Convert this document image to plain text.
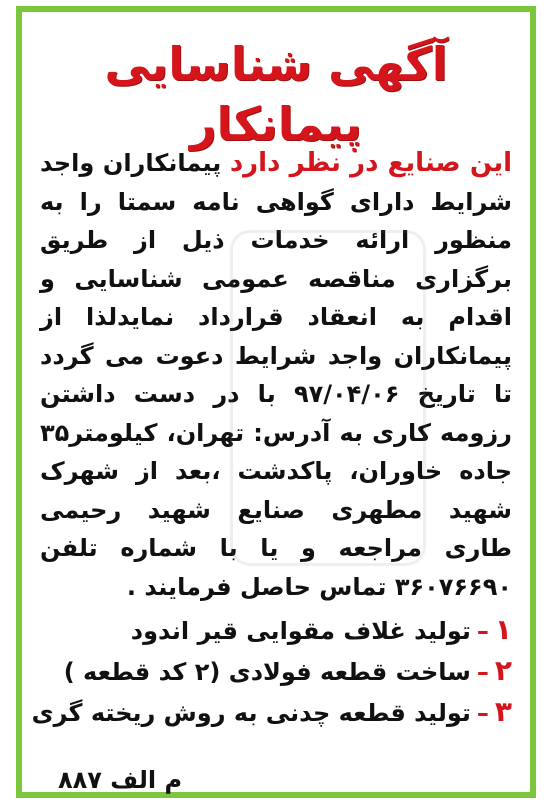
آگهی شناسایی پیمانکار

این صنایع در نظر دارد پیمانکاران واجد شرایط دارای گواهی نامه سمتا را به منظور ارائه خدمات ذیل از طریق برگزاری مناقصه عمومی شناسایی و اقدام به انعقاد قرارداد نمایدلذا از پیمانکاران واجد شرایط دعوت می گردد تا تاریخ ۹۷/۰۴/۰۶ با در دست داشتن رزومه کاری به آدرس: تهران، کیلومتر۳۵ جاده خاوران، پاکدشت ،بعد از شهرک شهید مطهری صنایع شهید رحیمی طاری مراجعه و یا با شماره تلفن ۳۶۰۷۶۶۹۰ تماس حاصل فرمایند .

۱–تولید غلاف مقوایی قیر اندود
۲–ساخت قطعه فولادی (۲ کد قطعه )
۳–تولید قطعه چدنی به روش ریخته گری
م الف ۸۸۷
